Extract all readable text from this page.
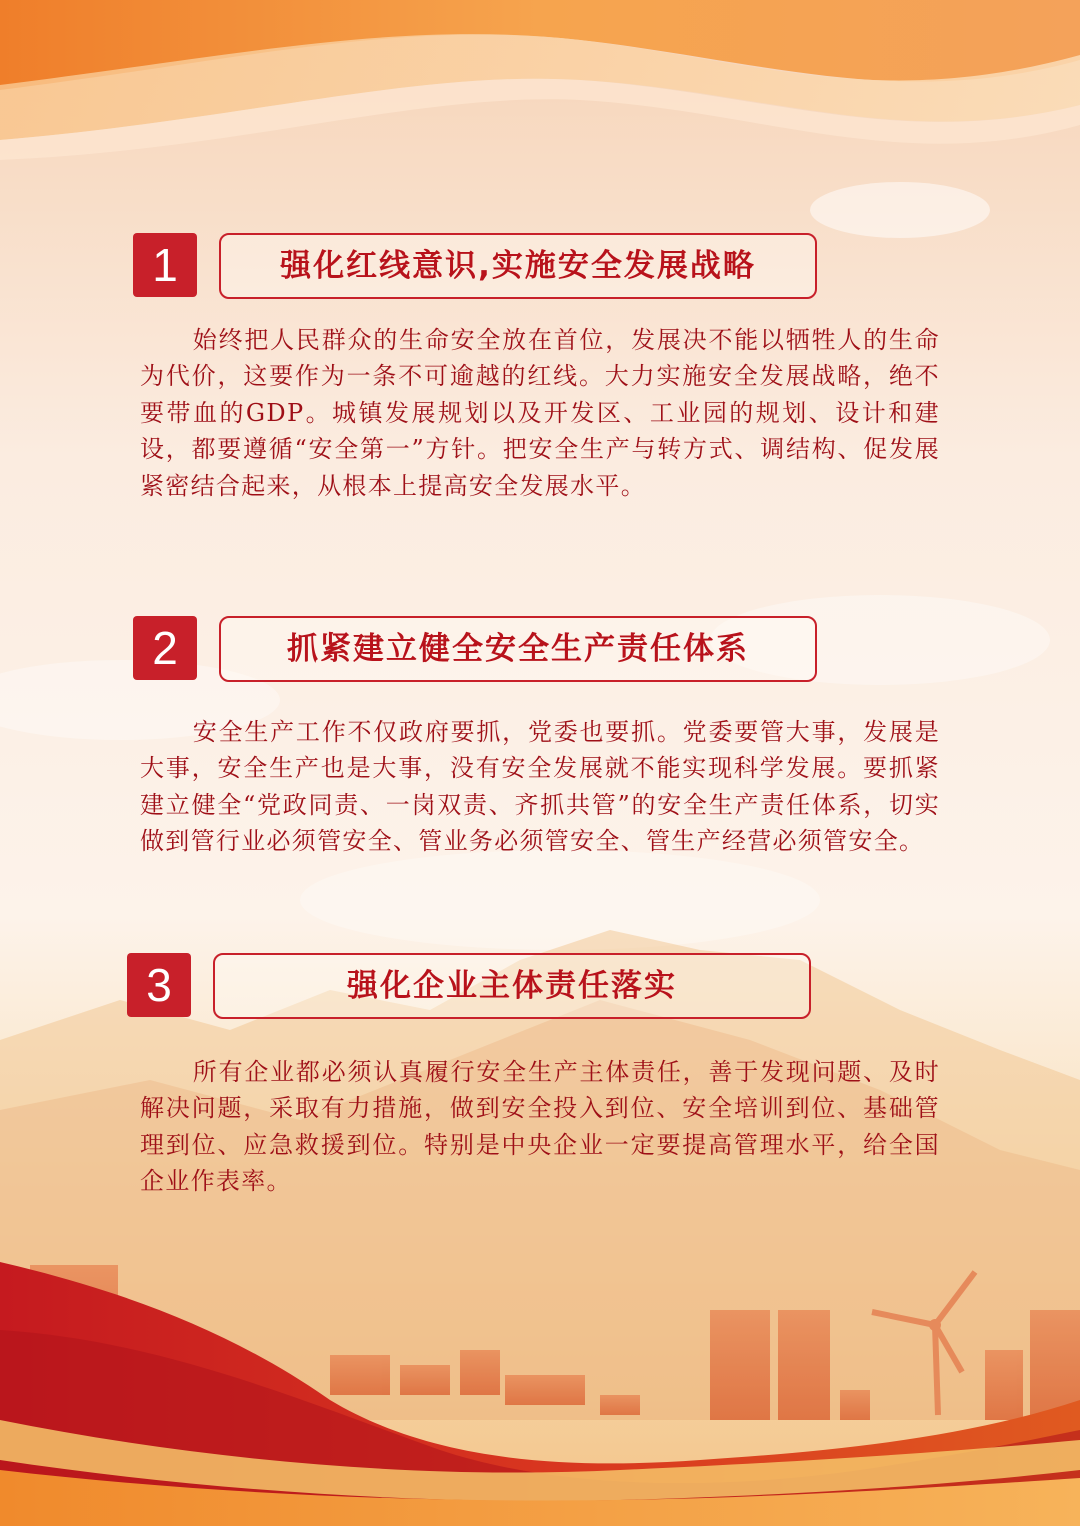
1	强化红线意识,实施安全发展战略

始终把人民群众的生命安全放在首位，发展决不能以牺牲人的生命为代价，这要作为一条不可逾越的红线。大力实施安全发展战略，绝不要带血的GDP。城镇发展规划以及开发区、工业园的规划、设计和建设，都要遵循“安全第一”方针。把安全生产与转方式、调结构、促发展紧密结合起来，从根本上提高安全发展水平。

2	抓紧建立健全安全生产责任体系

安全生产工作不仅政府要抓，党委也要抓。党委要管大事，发展是大事，安全生产也是大事，没有安全发展就不能实现科学发展。要抓紧建立健全“党政同责、一岗双责、齐抓共管”的安全生产责任体系，切实做到管行业必须管安全、管业务必须管安全、管生产经营必须管安全。

3	强化企业主体责任落实

所有企业都必须认真履行安全生产主体责任，善于发现问题、及时解决问题，采取有力措施，做到安全投入到位、安全培训到位、基础管理到位、应急救援到位。特别是中央企业一定要提高管理水平，给全国企业作表率。
